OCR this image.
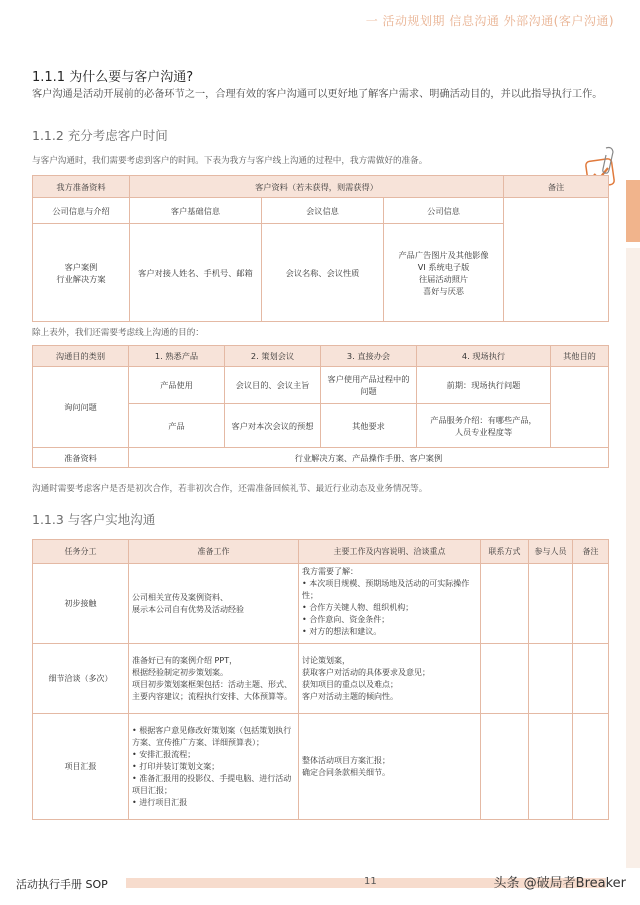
一 活动规划期 信息沟通 外部沟通(客户沟通)
1.1.1 为什么要与客户沟通?
客户沟通是活动开展前的必备环节之一，合理有效的客户沟通可以更好地了解客户需求、明确活动目的，并以此指导执行工作。
1.1.2 充分考虑客户时间
与客户沟通时，我们需要考虑到客户的时间。下表为我方与客户线上沟通的过程中，我方需做好的准备。
我方准备资料	客户资料（若未获得，则需获得）			备注
公司信息与介绍	客户基础信息	会议信息	公司信息	
客户案例
行业解决方案	客户对接人姓名、手机号、邮箱	会议名称、会议性质	产品广告图片及其他影像
VI 系统电子版
往届活动照片
喜好与厌恶	
除上表外，我们还需要考虑线上沟通的目的：
沟通目的类别	1. 熟悉产品	2. 策划会议	3. 直接办会	4. 现场执行	其他目的
询问问题	产品使用	会议目的、会议主旨	客户使用产品过程中的问题	前期：现场执行问题	
	产品	客户对本次会议的预想	其他要求	产品服务介绍：有哪些产品，
人员专业程度等	
准备资料	行业解决方案、产品操作手册、客户案例				
沟通时需要考虑客户是否是初次合作，若非初次合作，还需准备回候礼节、最近行业动态及业务情况等。
1.1.3 与客户实地沟通
任务分工	准备工作	主要工作及内容说明、洽谈重点	联系方式	参与人员	备注
初步接触	公司相关宣传及案例资料、
展示本公司自有优势及活动经验	我方需要了解：
• 本次项目规模、预期场地及活动的可实际操作性；
• 合作方关键人物、组织机构；
• 合作意向、资金条件；
• 对方的想法和建议。			
细节洽谈（多次）	准备好已有的案例介绍 PPT，
根据经验制定初步策划案。
项目初步策划案框架包括：活动主题、形式、主要内容建议；流程执行安排、大体预算等。	讨论策划案，
获取客户对活动的具体要求及意见；
获知项目的重点以及难点；
客户对活动主题的倾向性。			
项目汇报	• 根据客户意见修改好策划案（包括策划执行方案、宣传推广方案、详细预算表）；
• 安排汇报流程；
• 打印并装订策划文案；
• 准备汇报用的投影仪、手提电脑、进行活动项目汇报；
• 进行项目汇报	整体活动项目方案汇报；
确定合同条款相关细节。			
活动执行手册 SOP	11	头条 @破局者Breaker
